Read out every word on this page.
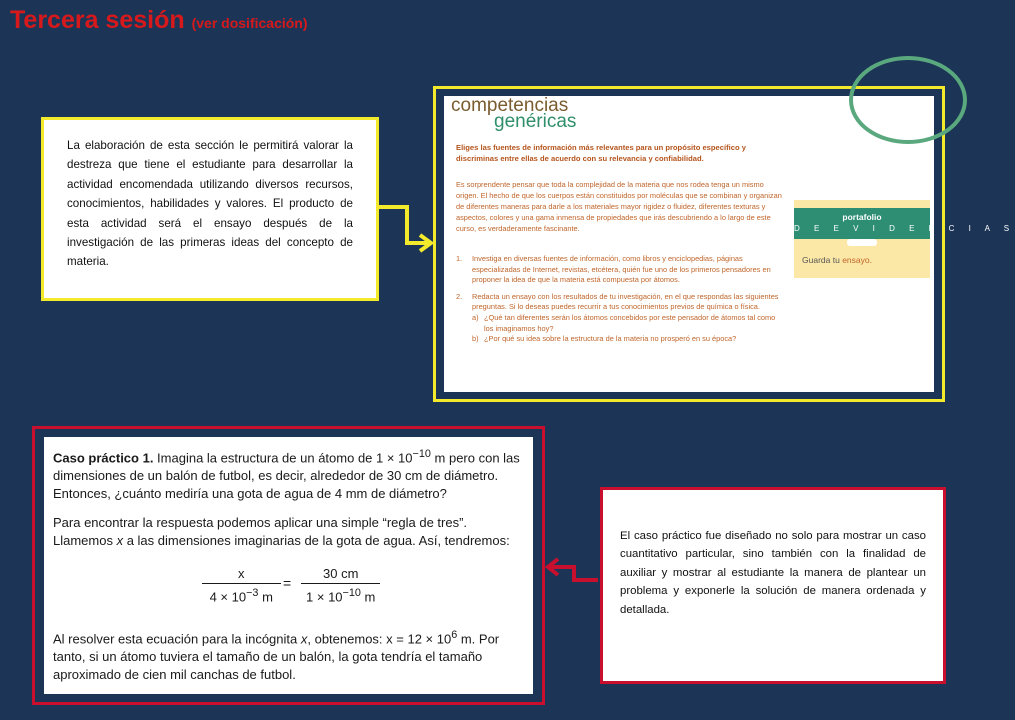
Tercera sesión (ver dosificación)
La elaboración de esta sección le permitirá valorar la destreza que tiene el estudiante para desarrollar la actividad encomendada utilizando diversos recursos, conocimientos, habilidades y valores. El producto de esta actividad será el ensayo después de la investigación de las primeras ideas del concepto de materia.
competencias
genéricas
Eliges las fuentes de información más relevantes para un propósito específico y discriminas entre ellas de acuerdo con su relevancia y confiabilidad.
Es sorprendente pensar que toda la complejidad de la materia que nos rodea tenga un mismo origen. El hecho de que los cuerpos están constituidos por moléculas que se combinan y organizan de diferentes maneras para darle a los materiales mayor rigidez o fluidez, diferentes texturas y aspectos, colores y una gama inmensa de propiedades que irás descubriendo a lo largo de este curso, es verdaderamente fascinante.
1.	Investiga en diversas fuentes de información, como libros y enciclopedias, páginas especializadas de Internet, revistas, etcétera, quién fue uno de los primeros pensadores en proponer la idea de que la materia está compuesta por átomos.
2.	Redacta un ensayo con los resultados de tu investigación, en el que respondas las siguientes preguntas. Si lo deseas puedes recurrir a tus conocimientos previos de química o física.
a) ¿Qué tan diferentes serán los átomos concebidos por este pensador de átomos tal como los imaginamos hoy?
b) ¿Por qué su idea sobre la estructura de la materia no prosperó en su época?
portafolio
D E E V I D E N C I A S
Guarda tu ensayo.
Caso práctico 1. Imagina la estructura de un átomo de $1 \times 10^{-10}$ m pero con las dimensiones de un balón de futbol, es decir, alrededor de 30 cm de diámetro. Entonces, ¿cuánto mediría una gota de agua de 4 mm de diámetro?
Para encontrar la respuesta podemos aplicar una simple “regla de tres”. Llamemos x a las dimensiones imaginarias de la gota de agua. Así, tendremos:
$\frac{x}{4 \times 10^{-3} m} = \frac{30 cm}{1 \times 10^{-10} m}$
Al resolver esta ecuación para la incógnita x, obtenemos: $x = 12 \times 10^6$ m. Por tanto, si un átomo tuviera el tamaño de un balón, la gota tendría el tamaño aproximado de cien mil canchas de futbol.
El caso práctico fue diseñado no solo para mostrar un caso cuantitativo particular, sino también con la finalidad de auxiliar y mostrar al estudiante la manera de plantear un problema y exponerle la solución de manera ordenada y detallada.
